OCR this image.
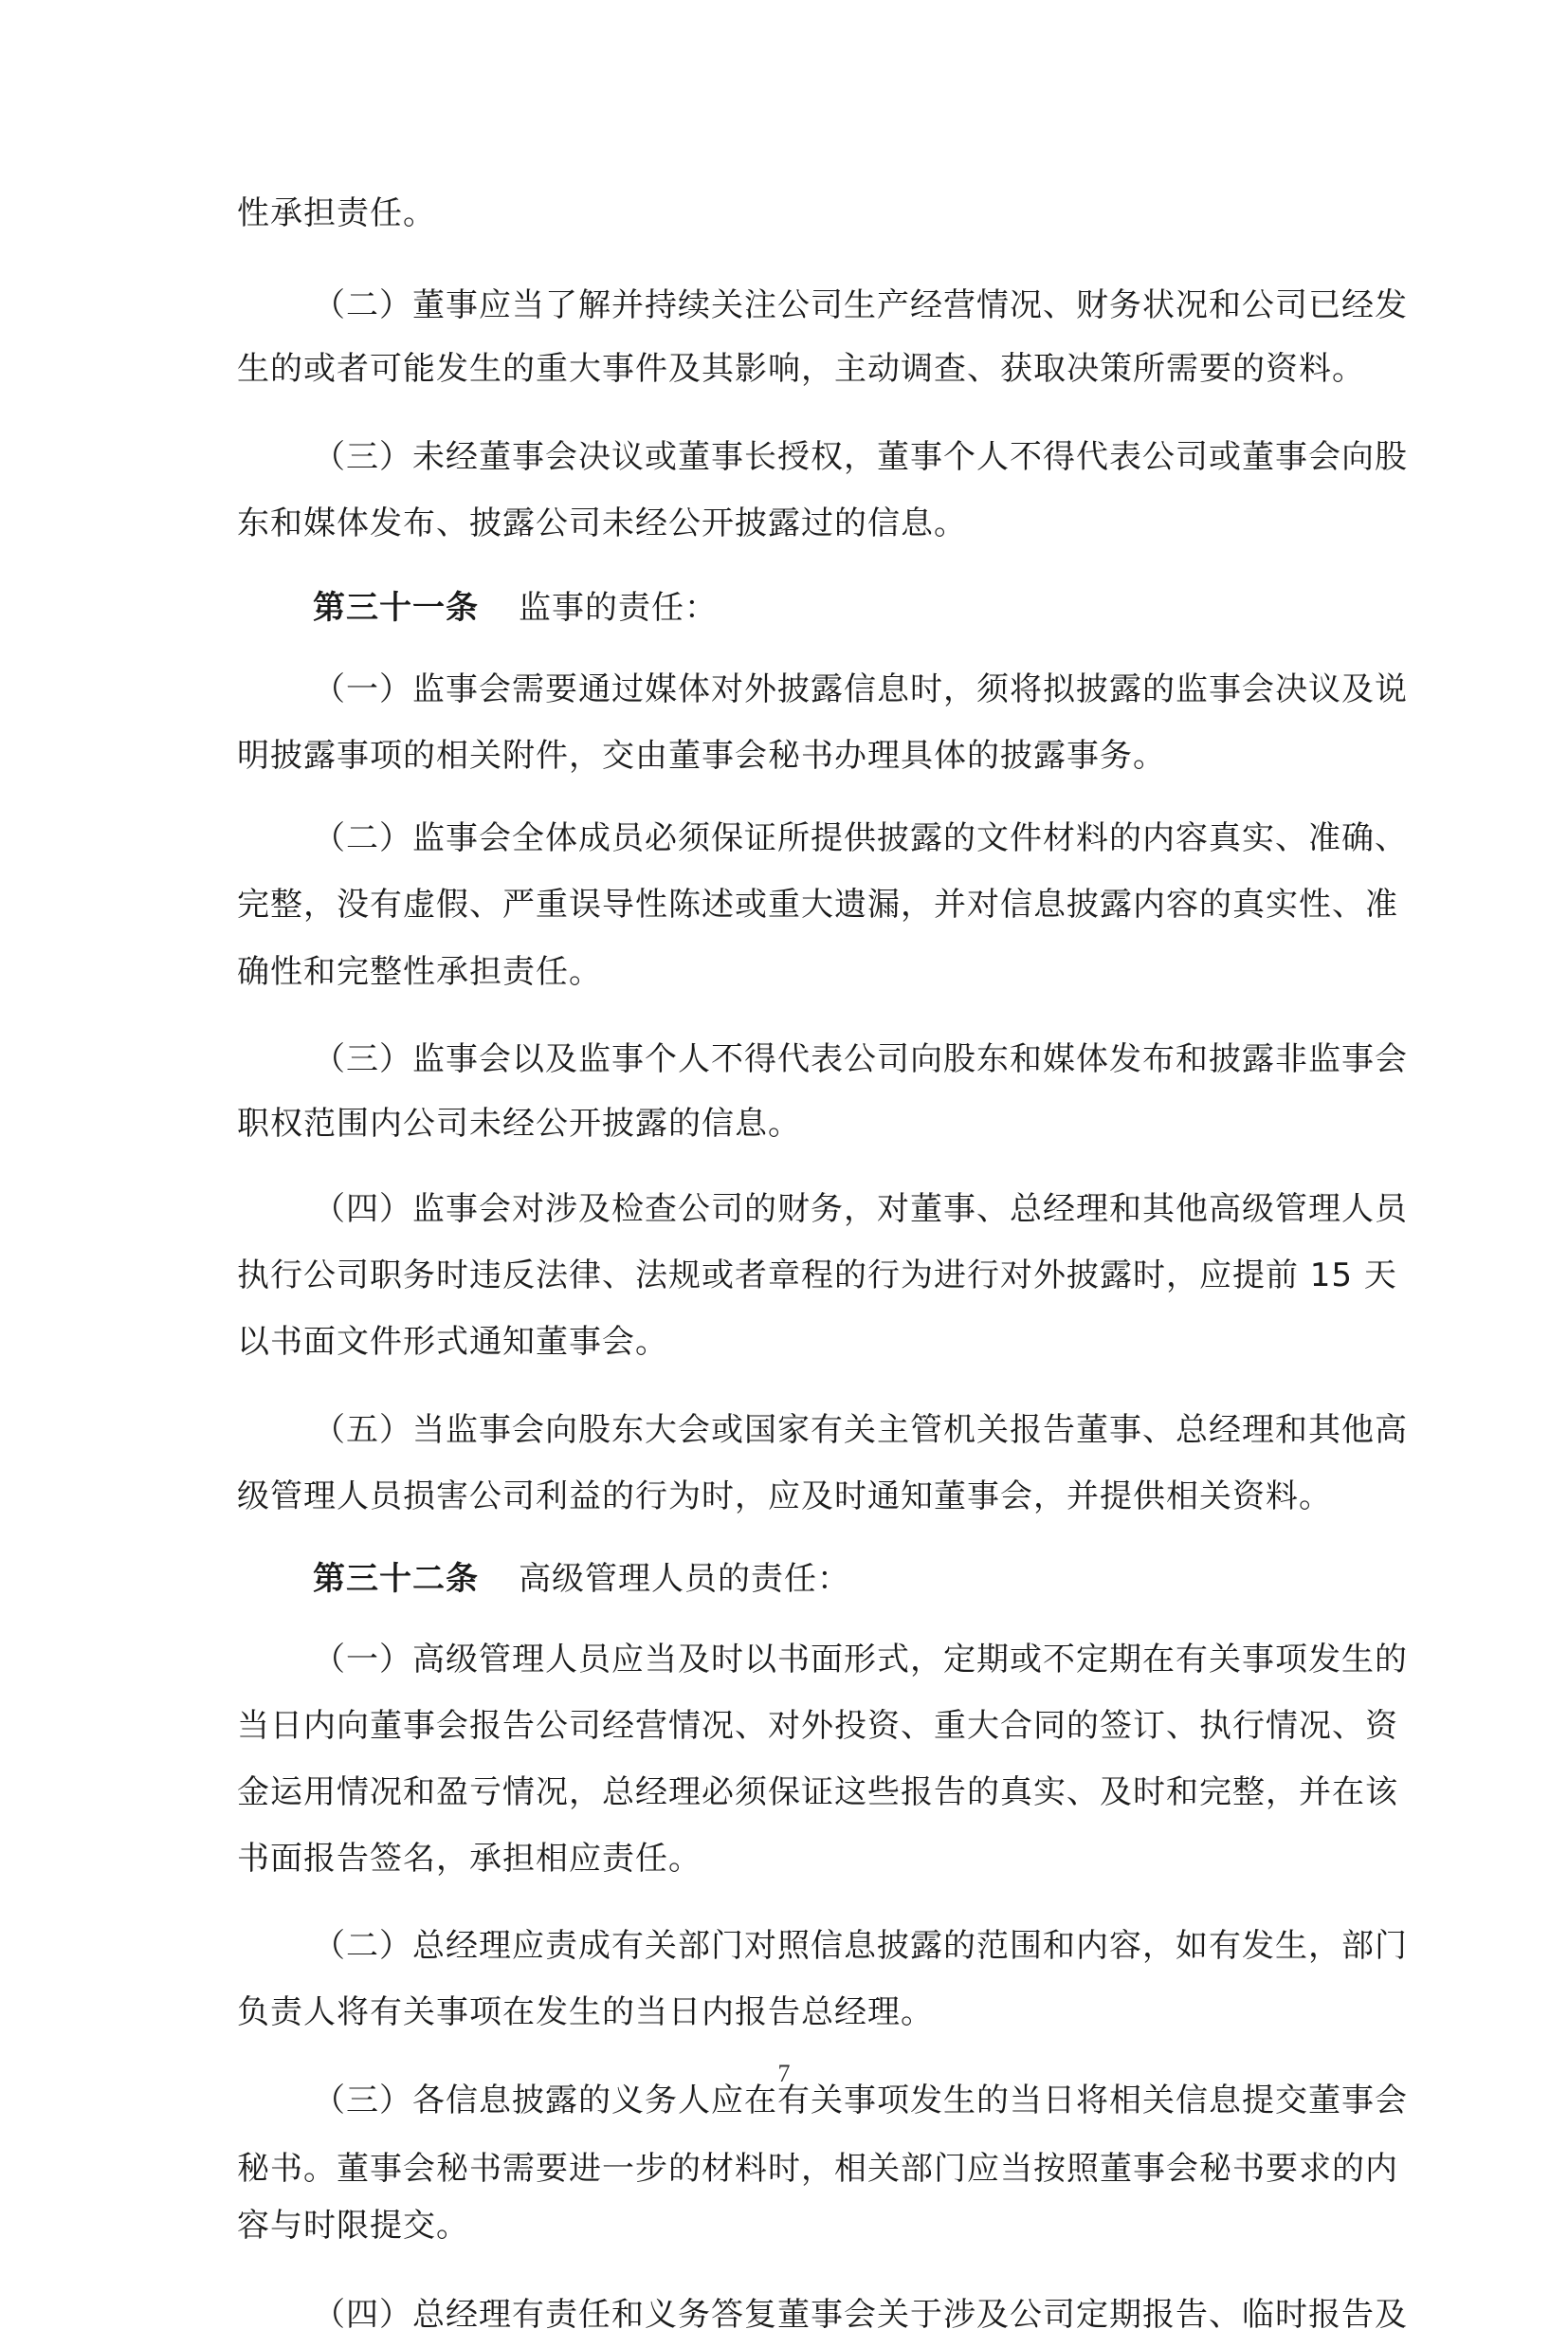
性承担责任。
（二）董事应当了解并持续关注公司生产经营情况、财务状况和公司已经发
生的或者可能发生的重大事件及其影响，主动调查、获取决策所需要的资料。
（三）未经董事会决议或董事长授权，董事个人不得代表公司或董事会向股
东和媒体发布、披露公司未经公开披露过的信息。
第三十一条 监事的责任：
（一）监事会需要通过媒体对外披露信息时，须将拟披露的监事会决议及说
明披露事项的相关附件，交由董事会秘书办理具体的披露事务。
（二）监事会全体成员必须保证所提供披露的文件材料的内容真实、准确、
完整，没有虚假、严重误导性陈述或重大遗漏，并对信息披露内容的真实性、准
确性和完整性承担责任。
（三）监事会以及监事个人不得代表公司向股东和媒体发布和披露非监事会
职权范围内公司未经公开披露的信息。
（四）监事会对涉及检查公司的财务，对董事、总经理和其他高级管理人员
执行公司职务时违反法律、法规或者章程的行为进行对外披露时，应提前 15 天
以书面文件形式通知董事会。
（五）当监事会向股东大会或国家有关主管机关报告董事、总经理和其他高
级管理人员损害公司利益的行为时，应及时通知董事会，并提供相关资料。
第三十二条 高级管理人员的责任：
（一）高级管理人员应当及时以书面形式，定期或不定期在有关事项发生的
当日内向董事会报告公司经营情况、对外投资、重大合同的签订、执行情况、资
金运用情况和盈亏情况，总经理必须保证这些报告的真实、及时和完整，并在该
书面报告签名，承担相应责任。
（二）总经理应责成有关部门对照信息披露的范围和内容，如有发生，部门
负责人将有关事项在发生的当日内报告总经理。
（三）各信息披露的义务人应在有关事项发生的当日将相关信息提交董事会
秘书。董事会秘书需要进一步的材料时，相关部门应当按照董事会秘书要求的内
容与时限提交。
（四）总经理有责任和义务答复董事会关于涉及公司定期报告、临时报告及
7
